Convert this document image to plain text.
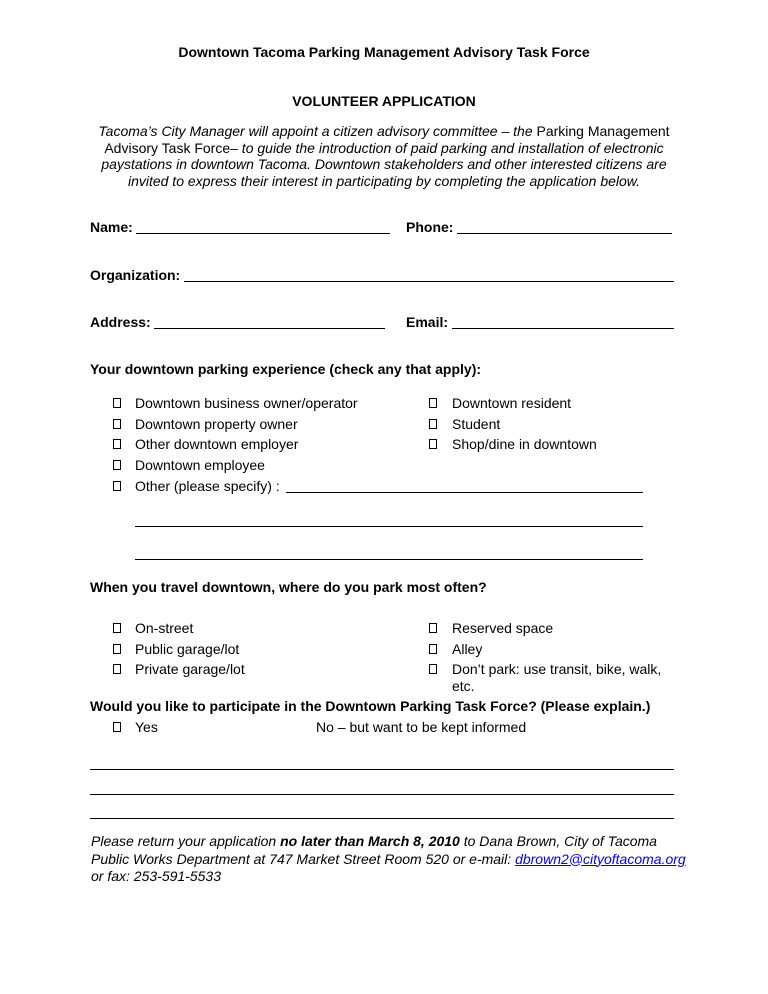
Downtown Tacoma Parking Management Advisory Task Force
VOLUNTEER APPLICATION
Tacoma’s City Manager will appoint a citizen advisory committee – the Parking Management Advisory Task Force– to guide the introduction of paid parking and installation of electronic paystations in downtown Tacoma. Downtown stakeholders and other interested citizens are invited to express their interest in participating by completing the application below.
Name:	Phone:
Organization:
Address:	Email:
Your downtown parking experience (check any that apply):
Downtown business owner/operator
Downtown property owner
Other downtown employer
Downtown employee
Other (please specify) :
Downtown resident
Student
Shop/dine in downtown
When you travel downtown, where do you park most often?
On-street
Public garage/lot
Private garage/lot
Reserved space
Alley
Don’t park: use transit, bike, walk,
etc.
Would you like to participate in the Downtown Parking Task Force? (Please explain.)
Yes	No – but want to be kept informed
Please return your application no later than March 8, 2010 to Dana Brown, City of Tacoma Public Works Department at 747 Market Street Room 520 or e-mail: dbrown2@cityoftacoma.org
or fax: 253-591-5533
